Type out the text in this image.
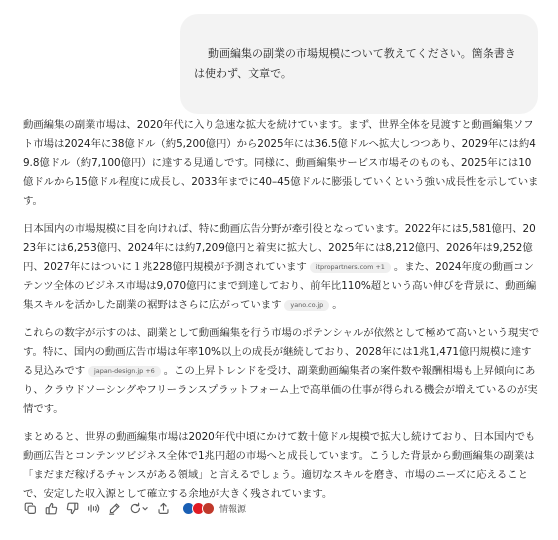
動画編集の副業の市場規模について教えてください。箇条書きは使わず、文章で。

動画編集の副業市場は、2020年代に入り急速な拡大を続けています。まず、世界全体を見渡すと動画編集ソフト市場は2024年に38億ドル（約5,200億円）から2025年には36.5億ドルへ拡大しつつあり、2029年には約49.8億ドル（約7,100億円）に達する見通しです。同様に、動画編集サービス市場そのものも、2025年には10億ドルから15億ドル程度に成長し、2033年までに40–45億ドルに膨張していくという強い成長性を示しています。

日本国内の市場規模に目を向ければ、特に動画広告分野が牽引役となっています。2022年には5,581億円、2023年には6,253億円、2024年には約7,209億円と着実に拡大し、2025年には8,212億円、2026年は9,252億円、2027年にはついに１兆228億円規模が予測されています itpropartners.com +1 。また、2024年度の動画コンテンツ全体のビジネス市場は9,070億円にまで到達しており、前年比110%超という高い伸びを背景に、動画編集スキルを活かした副業の裾野はさらに広がっています yano.co.jp 。

これらの数字が示すのは、副業として動画編集を行う市場のポテンシャルが依然として極めて高いという現実です。特に、国内の動画広告市場は年率10%以上の成長が継続しており、2028年には1兆1,471億円規模に達する見込みです japan-design.jp +6 。この上昇トレンドを受け、副業動画編集者の案件数や報酬相場も上昇傾向にあり、クラウドソーシングやフリーランスプラットフォーム上で高単価の仕事が得られる機会が増えているのが実情です。

まとめると、世界の動画編集市場は2020年代中頃にかけて数十億ドル規模で拡大し続けており、日本国内でも動画広告とコンテンツビジネス全体で1兆円超の市場へと成長しています。こうした背景から動画編集の副業は「まだまだ稼げるチャンスがある領域」と言えるでしょう。適切なスキルを磨き、市場のニーズに応えることで、安定した収入源として確立する余地が大きく残されています。

情報源
